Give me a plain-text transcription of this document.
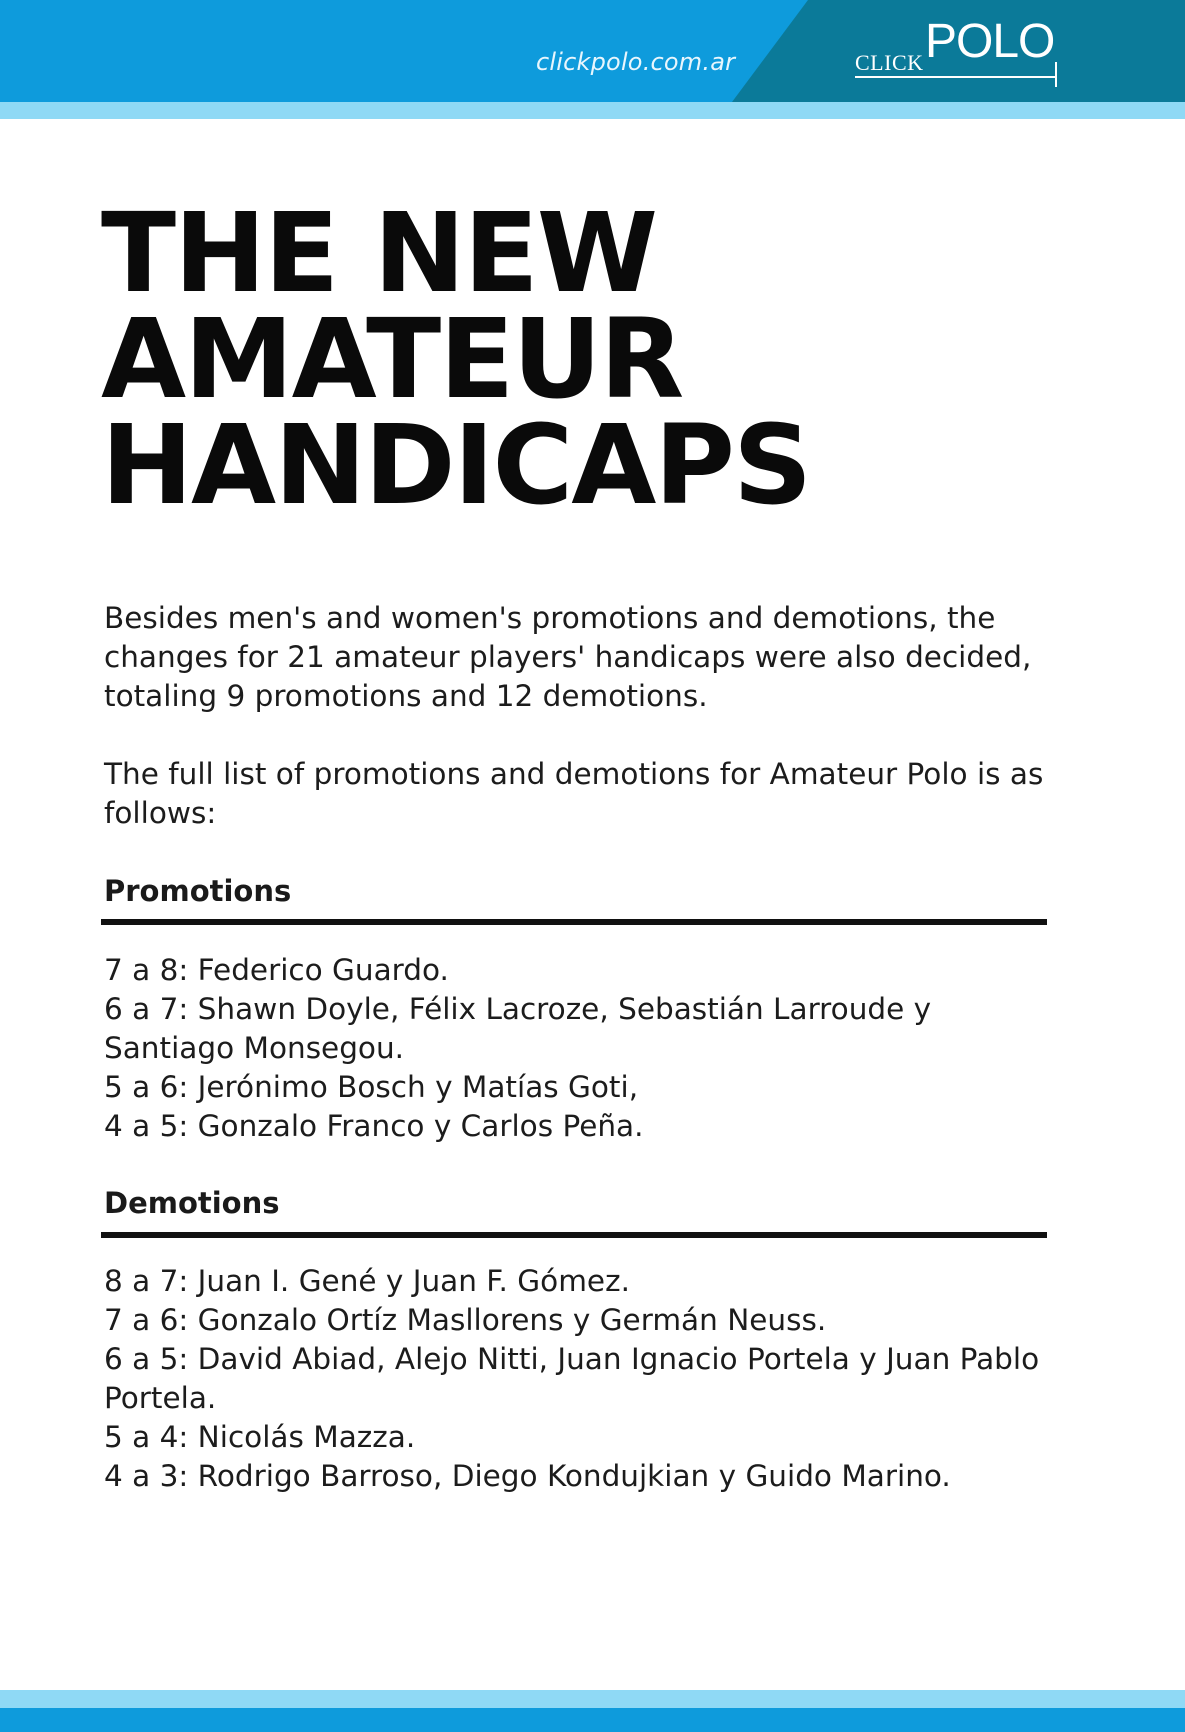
clickpolo.com.ar	CLICK POLO
THE NEW
AMATEUR
HANDICAPS

Besides men's and women's promotions and demotions, the changes for 21 amateur players' handicaps were also decided, totaling 9 promotions and 12 demotions.

The full list of promotions and demotions for Amateur Polo is as follows:

Promotions
7 a 8: Federico Guardo.
6 a 7: Shawn Doyle, Félix Lacroze, Sebastián Larroude y Santiago Monsegou.
5 a 6: Jerónimo Bosch y Matías Goti,
4 a 5: Gonzalo Franco y Carlos Peña.
Demotions
8 a 7: Juan I. Gené y Juan F. Gómez.
7 a 6: Gonzalo Ortíz Masllorens y Germán Neuss.
6 a 5: David Abiad, Alejo Nitti, Juan Ignacio Portela y Juan Pablo Portela.
5 a 4: Nicolás Mazza.
4 a 3: Rodrigo Barroso, Diego Kondujkian y Guido Marino.
